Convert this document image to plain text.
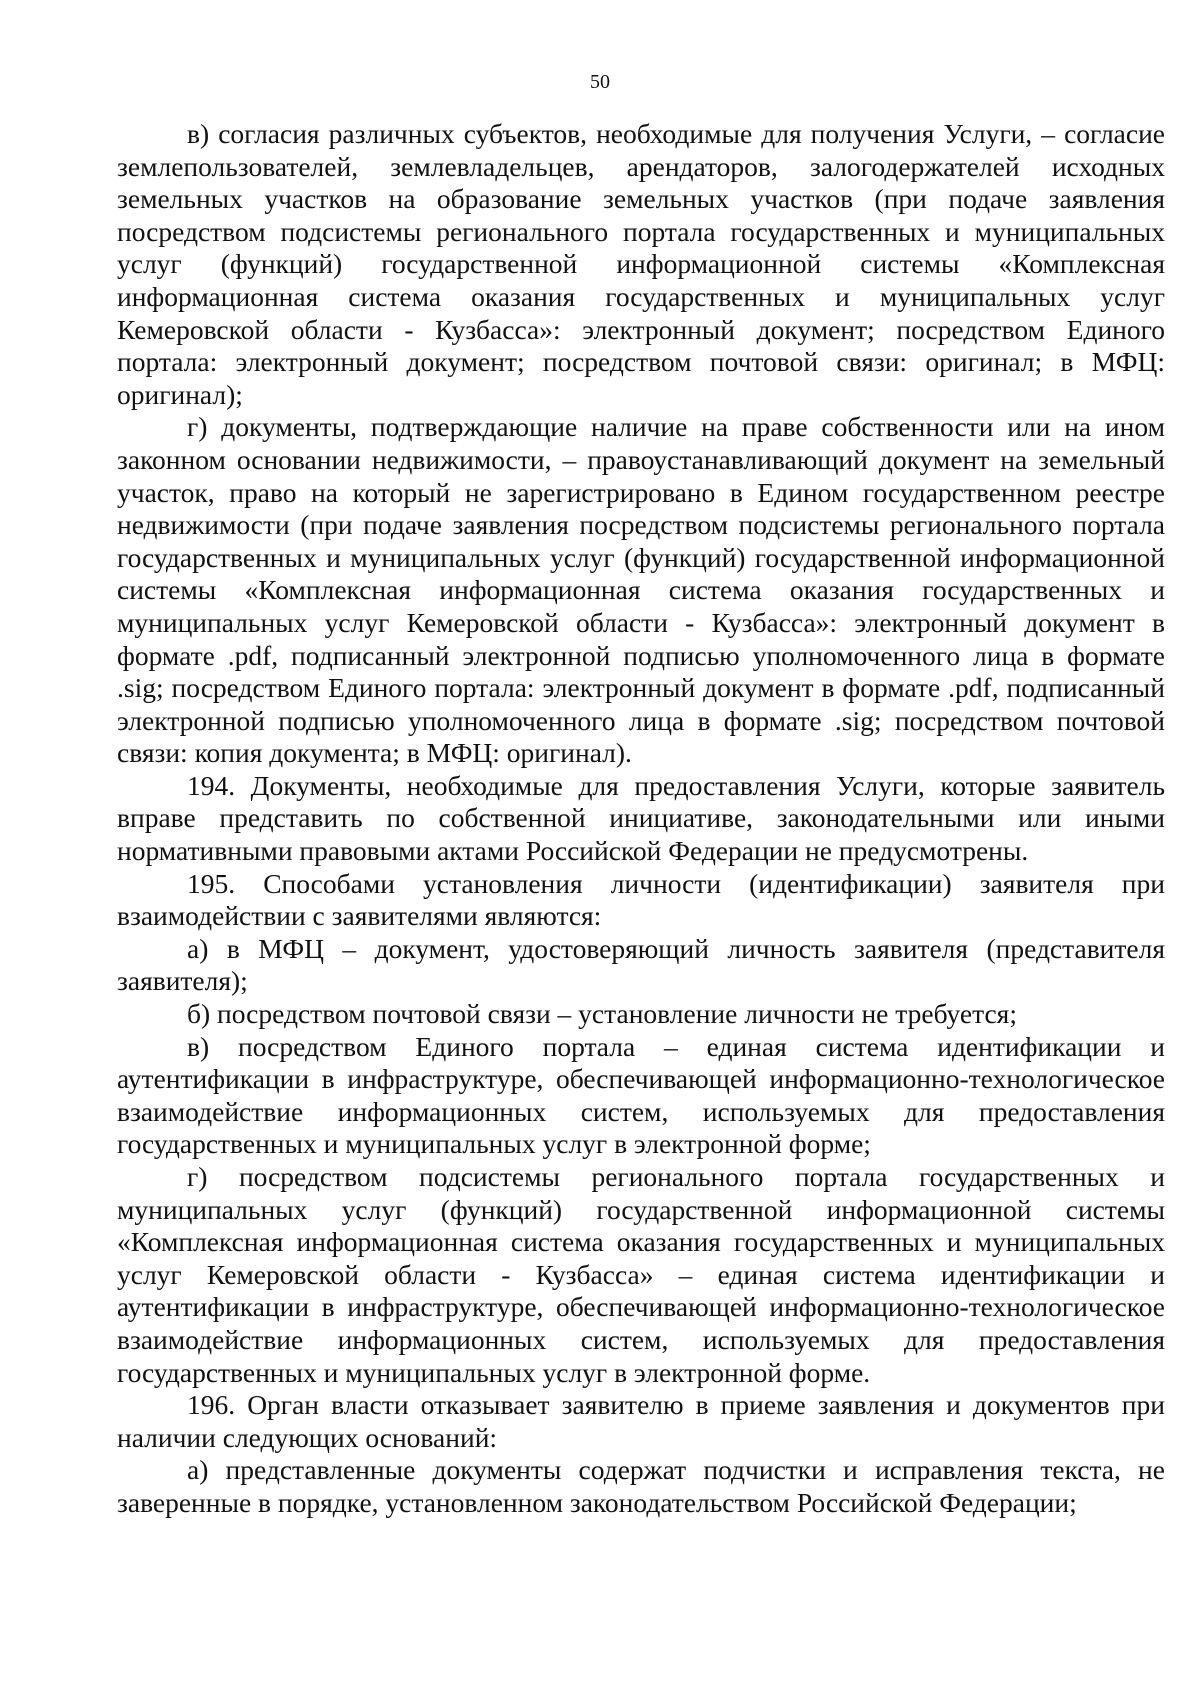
50

в) согласия различных субъектов, необходимые для получения Услуги, – согласие землепользователей, землевладельцев, арендаторов, залогодержателей исходных земельных участков на образование земельных участков (при подаче заявления посредством подсистемы регионального портала государственных и муниципальных услуг (функций) государственной информационной системы «Комплексная информационная система оказания государственных и муниципальных услуг Кемеровской области - Кузбасса»: электронный документ; посредством Единого портала: электронный документ; посредством почтовой связи: оригинал; в МФЦ: оригинал);

г) документы, подтверждающие наличие на праве собственности или на ином законном основании недвижимости, – правоустанавливающий документ на земельный участок, право на который не зарегистрировано в Едином государственном реестре недвижимости (при подаче заявления посредством подсистемы регионального портала государственных и муниципальных услуг (функций) государственной информационной системы «Комплексная информационная система оказания государственных и муниципальных услуг Кемеровской области - Кузбасса»: электронный документ в формате .pdf, подписанный электронной подписью уполномоченного лица в формате .sig; посредством Единого портала: электронный документ в формате .pdf, подписанный электронной подписью уполномоченного лица в формате .sig; посредством почтовой связи: копия документа; в МФЦ: оригинал).

194. Документы, необходимые для предоставления Услуги, которые заявитель вправе представить по собственной инициативе, законодательными или иными нормативными правовыми актами Российской Федерации не предусмотрены.

195. Способами установления личности (идентификации) заявителя при взаимодействии с заявителями являются:

а) в МФЦ – документ, удостоверяющий личность заявителя (представителя заявителя);

б) посредством почтовой связи – установление личности не требуется;

в) посредством Единого портала – единая система идентификации и аутентификации в инфраструктуре, обеспечивающей информационно-технологическое взаимодействие информационных систем, используемых для предоставления государственных и муниципальных услуг в электронной форме;

г) посредством подсистемы регионального портала государственных и муниципальных услуг (функций) государственной информационной системы «Комплексная информационная система оказания государственных и муниципальных услуг Кемеровской области - Кузбасса» – единая система идентификации и аутентификации в инфраструктуре, обеспечивающей информационно-технологическое взаимодействие информационных систем, используемых для предоставления государственных и муниципальных услуг в электронной форме.

196. Орган власти отказывает заявителю в приеме заявления и документов при наличии следующих оснований:

а) представленные документы содержат подчистки и исправления текста, не заверенные в порядке, установленном законодательством Российской Федерации;
